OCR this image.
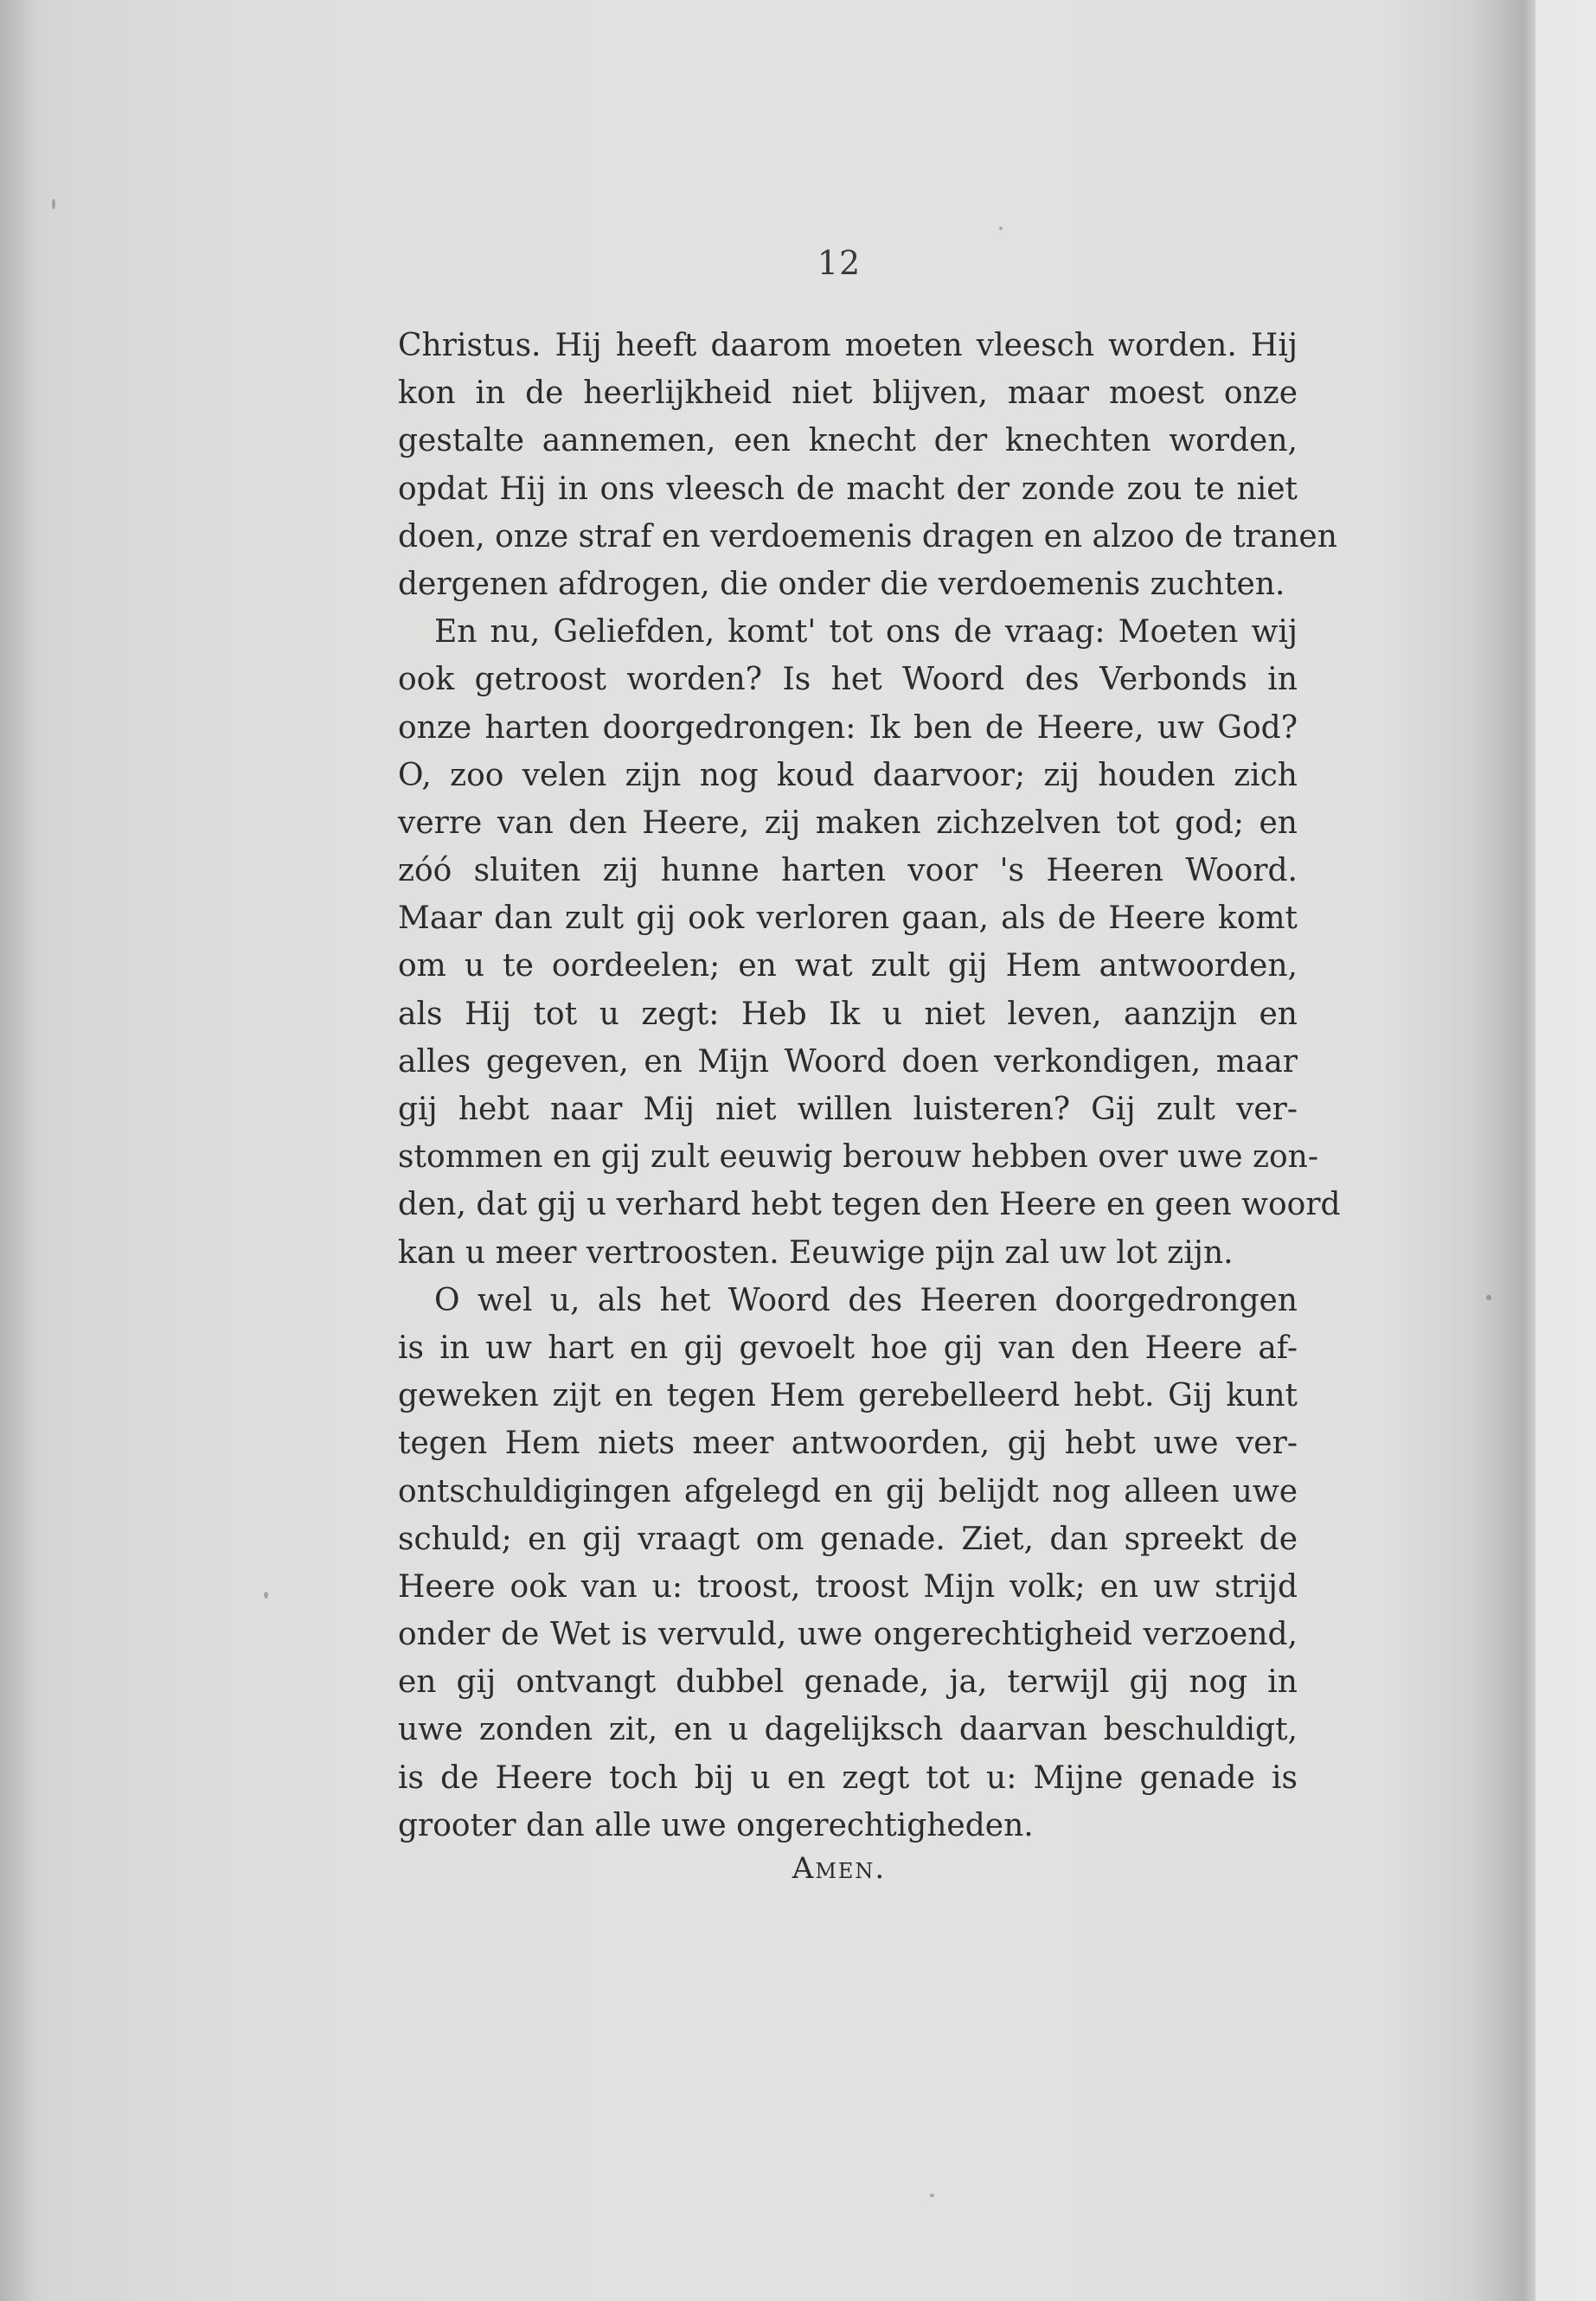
12
Christus. Hij heeft daarom moeten vleesch worden. Hij
kon in de heerlijkheid niet blijven, maar moest onze
gestalte aannemen, een knecht der knechten worden,
opdat Hij in ons vleesch de macht der zonde zou te niet
doen, onze straf en verdoemenis dragen en alzoo de tranen
dergenen afdrogen, die onder die verdoemenis zuchten.
En nu, Geliefden, komt' tot ons de vraag: Moeten wij
ook getroost worden? Is het Woord des Verbonds in
onze harten doorgedrongen: Ik ben de Heere, uw God?
O, zoo velen zijn nog koud daarvoor; zij houden zich
verre van den Heere, zij maken zichzelven tot god; en
zóó sluiten zij hunne harten voor 's Heeren Woord.
Maar dan zult gij ook verloren gaan, als de Heere komt
om u te oordeelen; en wat zult gij Hem antwoorden,
als Hij tot u zegt: Heb Ik u niet leven, aanzijn en
alles gegeven, en Mijn Woord doen verkondigen, maar
gij hebt naar Mij niet willen luisteren? Gij zult ver-
stommen en gij zult eeuwig berouw hebben over uwe zon-
den, dat gij u verhard hebt tegen den Heere en geen woord
kan u meer vertroosten. Eeuwige pijn zal uw lot zijn.
O wel u, als het Woord des Heeren doorgedrongen
is in uw hart en gij gevoelt hoe gij van den Heere af-
geweken zijt en tegen Hem gerebelleerd hebt. Gij kunt
tegen Hem niets meer antwoorden, gij hebt uwe ver-
ontschuldigingen afgelegd en gij belijdt nog alleen uwe
schuld; en gij vraagt om genade. Ziet, dan spreekt de
Heere ook van u: troost, troost Mijn volk; en uw strijd
onder de Wet is vervuld, uwe ongerechtigheid verzoend,
en gij ontvangt dubbel genade, ja, terwijl gij nog in
uwe zonden zit, en u dagelijksch daarvan beschuldigt,
is de Heere toch bij u en zegt tot u: Mijne genade is
grooter dan alle uwe ongerechtigheden.
Amen.
